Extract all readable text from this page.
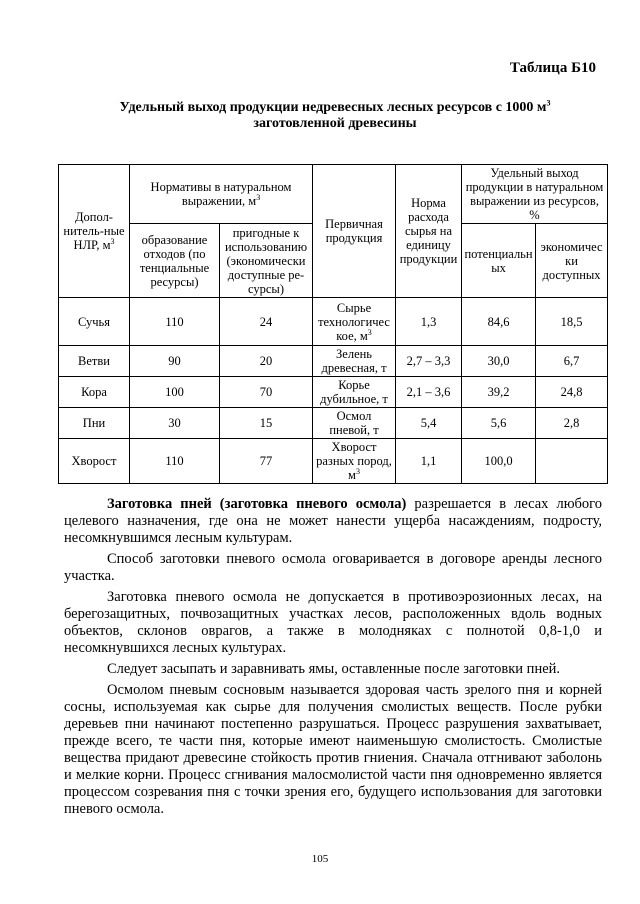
Таблица Б10
Удельный выход продукции недревесных лесных ресурсов с 1000 $м^3$
заготовленной древесины
Допол-нитель-ные НЛР, $м^3$	Нормативы в натуральном выражении, $м^3$		Первичная продукция	Норма расхода сырья на единицу продукции	Удельный выход продукции в натуральном выражении из ресурсов, %	
	образование отходов (по тенциальные ресурсы)	пригодные к использованию (экономически доступные ре-сурсы)			потенциальн ых	экономичес ки доступных
Сучья	110	24	Сырье технологичес кое, $м^3$	1,3	84,6	18,5
Ветви	90	20	Зелень древесная, т	2,7 – 3,3	30,0	6,7
Кора	100	70	Корье дубильное, т	2,1 – 3,6	39,2	24,8
Пни	30	15	Осмол пневой, т	5,4	5,6	2,8
Хворост	110	77	Хворост разных пород, $м^3$	1,1	100,0	

Заготовка пней (заготовка пневого осмола) разрешается в лесах любого целевого назначения, где она не может нанести ущерба насаждениям, подросту, несомкнувшимся лесным культурам.

Способ заготовки пневого осмола оговаривается в договоре аренды лесного участка.

Заготовка пневого осмола не допускается в противоэрозионных лесах, на берегозащитных, почвозащитных участках лесов, расположенных вдоль водных объектов, склонов оврагов, а также в молодняках с полнотой 0,8-1,0 и несомкнувшихся лесных культурах.

Следует засыпать и заравнивать ямы, оставленные после заготовки пней.

Осмолом пневым сосновым называется здоровая часть зрелого пня и корней сосны, используемая как сырье для получения смолистых веществ. После рубки деревьев пни начинают постепенно разрушаться. Процесс разрушения захватывает, прежде всего, те части пня, которые имеют наименьшую смолистость. Смолистые вещества придают древесине стойкость против гниения. Сначала отгнивают заболонь и мелкие корни. Процесс сгнивания малосмолистой части пня одновременно является процессом созревания пня с точки зрения его, будущего использования для заготовки пневого осмола.

105
